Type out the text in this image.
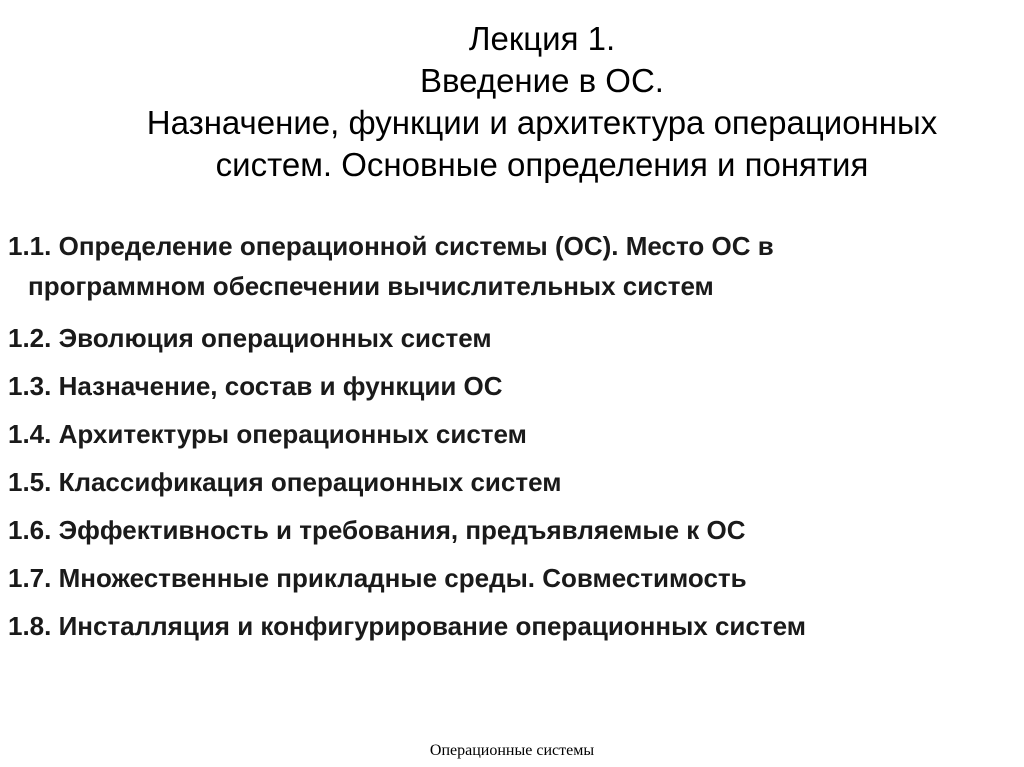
Лекция 1.
Введение в ОС.
Назначение, функции и архитектура операционных
систем. Основные определения и понятия
1.1. Определение операционной системы (ОС). Место ОС в
программном обеспечении вычислительных систем
1.2. Эволюция операционных систем
1.3. Назначение, состав и функции ОС
1.4. Архитектуры операционных систем
1.5. Классификация операционных систем
1.6. Эффективность и требования, предъявляемые к ОС
1.7. Множественные прикладные среды. Совместимость
1.8. Инсталляция и конфигурирование операционных систем
Операционные системы
